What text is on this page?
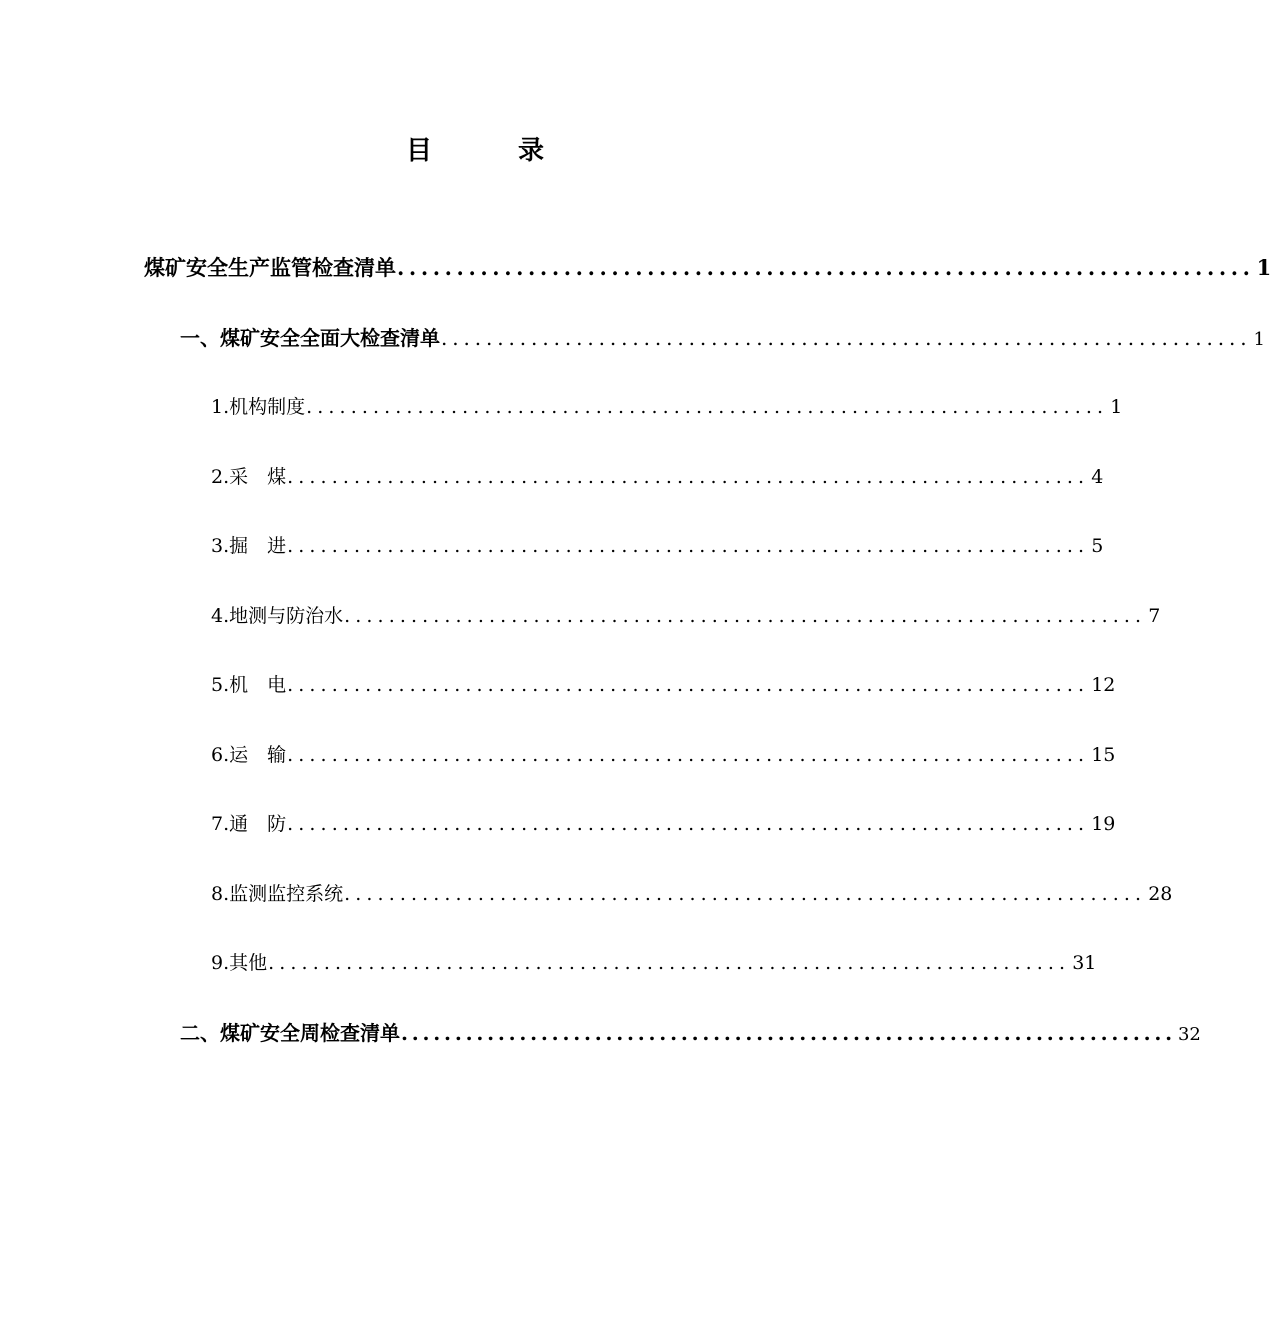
目　录
煤矿安全生产监管检查清单 ........................................................................ 1
一、煤矿安全全面大检查清单 ........................................................................ 1
1.机构制度 ........................................................................ 1
2.采　煤 ........................................................................ 4
3.掘　进 ........................................................................ 5
4.地测与防治水 ........................................................................ 7
5.机　电 ........................................................................ 12
6.运　输 ........................................................................ 15
7.通　防 ........................................................................ 19
8.监测监控系统 ........................................................................ 28
9.其他 ........................................................................ 31
二、煤矿安全周检查清单 ........................................................................ 32
